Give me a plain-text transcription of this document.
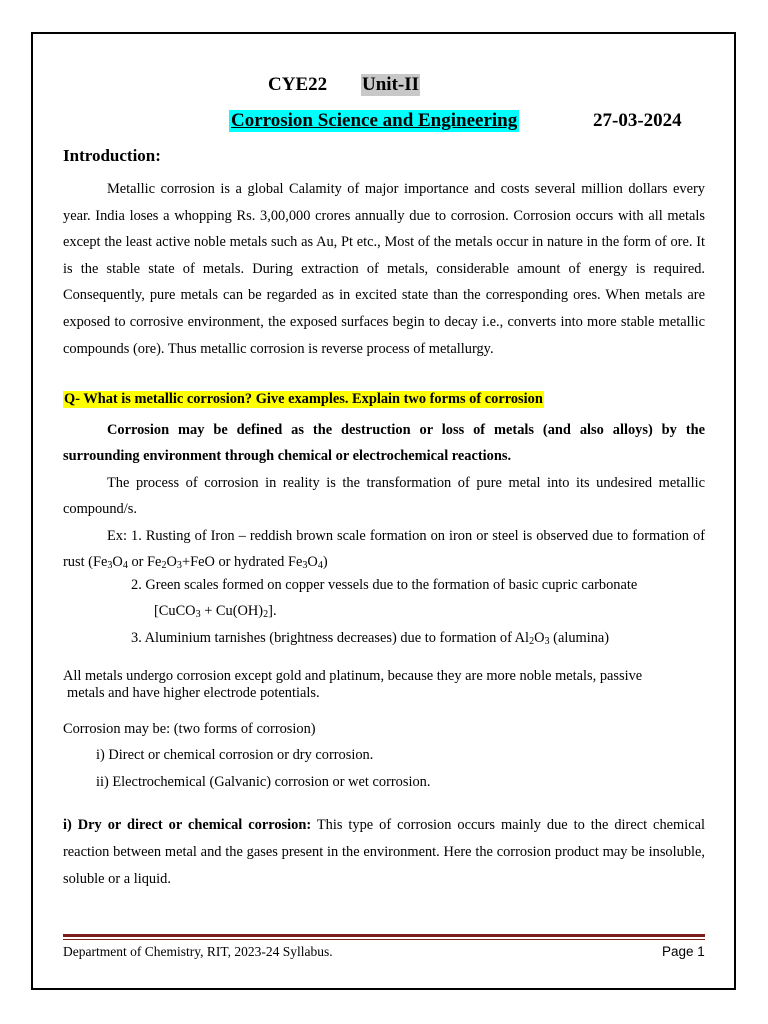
CYE22 Unit-II
Corrosion Science and Engineering	27-03-2024
Introduction:
Metallic corrosion is a global Calamity of major importance and costs several million dollars every year. India loses a whopping Rs. 3,00,000 crores annually due to corrosion. Corrosion occurs with all metals except the least active noble metals such as Au, Pt etc., Most of the metals occur in nature in the form of ore. It is the stable state of metals. During extraction of metals, considerable amount of energy is required. Consequently, pure metals can be regarded as in excited state than the corresponding ores. When metals are exposed to corrosive environment, the exposed surfaces begin to decay i.e., converts into more stable metallic compounds (ore). Thus metallic corrosion is reverse process of metallurgy.
Q- What is metallic corrosion? Give examples. Explain two forms of corrosion
Corrosion may be defined as the destruction or loss of metals (and also alloys) by the surrounding environment through chemical or electrochemical reactions.
The process of corrosion in reality is the transformation of pure metal into its undesired metallic compound/s.
Ex: 1. Rusting of Iron – reddish brown scale formation on iron or steel is observed due to formation of rust ($Fe_3O_4$ or $Fe_2O_3+FeO$ or hydrated $Fe_3O_4$)
2. Green scales formed on copper vessels due to the formation of basic cupric carbonate
[CuCO$_3$ + $Cu(OH)_2$].
3. Aluminium tarnishes (brightness decreases) due to formation of $Al_2O_3$ (alumina)
All metals undergo corrosion except gold and platinum, because they are more noble metals, passive
metals and have higher electrode potentials.
Corrosion may be: (two forms of corrosion)
i) Direct or chemical corrosion or dry corrosion.
ii) Electrochemical (Galvanic) corrosion or wet corrosion.
i) Dry or direct or chemical corrosion: This type of corrosion occurs mainly due to the direct chemical reaction between metal and the gases present in the environment. Here the corrosion product may be insoluble, soluble or a liquid.
Department of Chemistry, RIT, 2023-24 Syllabus.	Page 1
